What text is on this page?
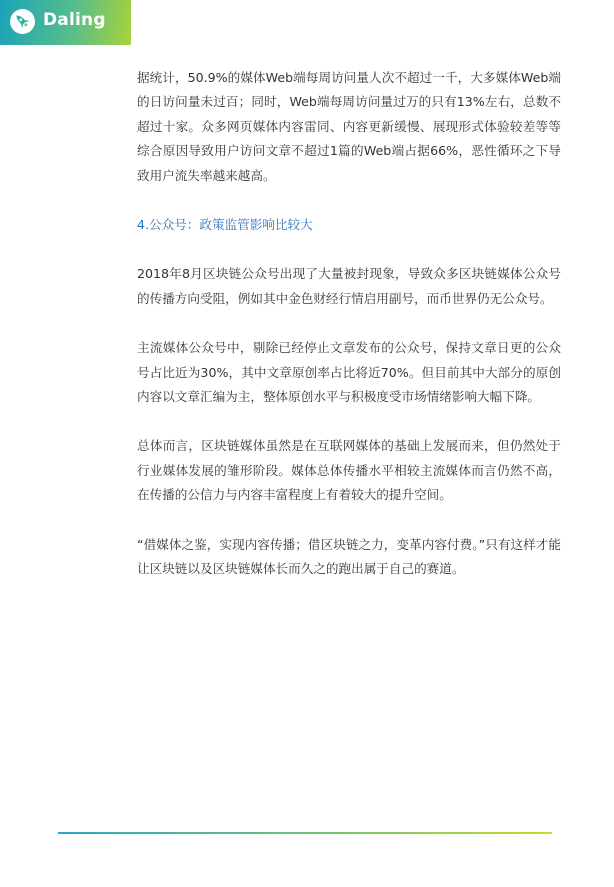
Daling

据统计，50.9%的媒体Web端每周访问量人次不超过一千，大多媒体Web端的日访问量未过百；同时，Web端每周访问量过万的只有13%左右，总数不超过十家。众多网页媒体内容雷同、内容更新缓慢、展现形式体验较差等等综合原因导致用户访问文章不超过1篇的Web端占据66%，恶性循环之下导致用户流失率越来越高。

4.公众号：政策监管影响比较大

2018年8月区块链公众号出现了大量被封现象，导致众多区块链媒体公众号的传播方向受阻，例如其中金色财经行情启用副号，而币世界仍无公众号。

主流媒体公众号中，剔除已经停止文章发布的公众号，保持文章日更的公众号占比近为30%，其中文章原创率占比将近70%。但目前其中大部分的原创内容以文章汇编为主，整体原创水平与积极度受市场情绪影响大幅下降。

总体而言，区块链媒体虽然是在互联网媒体的基础上发展而来，但仍然处于行业媒体发展的雏形阶段。媒体总体传播水平相较主流媒体而言仍然不高，在传播的公信力与内容丰富程度上有着较大的提升空间。

“借媒体之鉴，实现内容传播；借区块链之力，变革内容付费。”只有这样才能让区块链以及区块链媒体长而久之的跑出属于自己的赛道。
